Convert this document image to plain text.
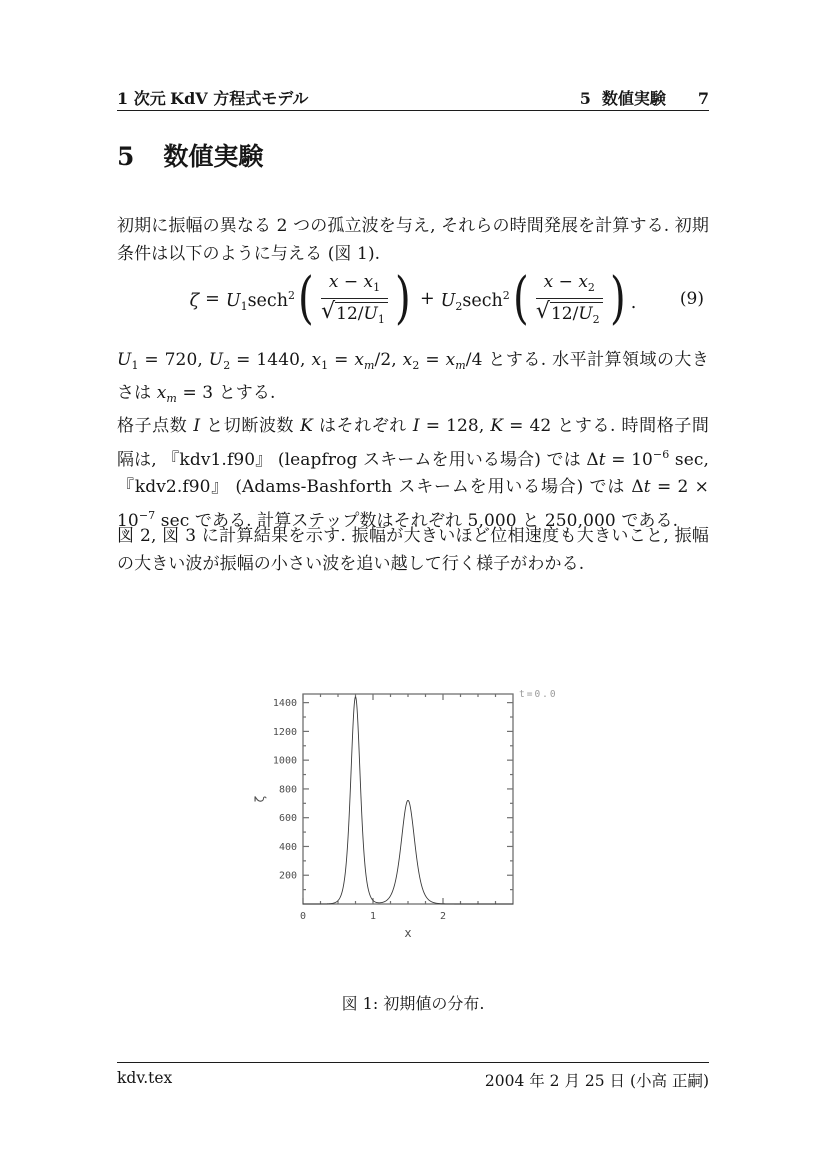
1 次元 KdV 方程式モデル	5 数値実験 7
5 数値実験

初期に振幅の異なる 2 つの孤立波を与え, それらの時間発展を計算する. 初期条件は以下のように与える (図 1).

$\zeta = U_1\sec h^2$ ( $\frac{x - x_1}{√ 12/U_1}$ ) + $U_2\sec h^2$ ( $\frac{x - x_2}{√ 12/U_2}$ ) .	(9)

$U_1 = 720$, $U_2 = 1440$, $x_1 = x_m/2$, $x_2 = x_m/4$ とする. 水平計算領域の大きさは $x_m = 3$ とする.

格子点数 I と切断波数 K はそれぞれ I = 128, K = 42 とする. 時間格子間隔は, 『kdv1.f90』 (leapfrog スキームを用いる場合) では $\Delta t = 10^{-6}$ sec, 『kdv2.f90』 (Adams-Bashforth スキームを用いる場合) では $\Delta t = 2 \times 10^{-7}$ sec である. 計算ステップ数はそれぞれ 5,000 と 250,000 である.

図 2, 図 3 に計算結果を示す. 振幅が大きいほど位相速度も大きいこと, 振幅の大きい波が振幅の小さい波を追い越して行く様子がわかる.

0	1	2
200
400
600
800
1000
1200
1400
x
ζ
t=0.0
図 1: 初期値の分布.
kdv.tex	2004 年 2 月 25 日 (小高 正嗣)
